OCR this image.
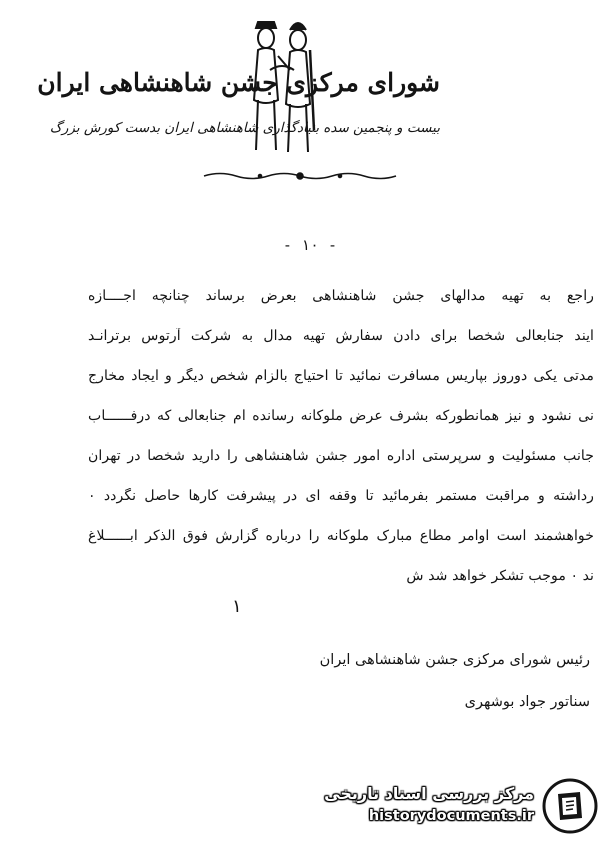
شورای مرکزی جشن شاهنشاهی ایران
بیست و پنجمین سده بنیادگذاری شاهنشاهی ایران بدست کورش بزرگ
- ۱۰ -
راجع به تهیه مدالهای جشن شاهنشاهی بعرض برساند چنانچه اجــــازه
ایند جنابعالی شخصا برای دادن سفارش تهیه مدال به شرکت آرتوس برترانـد
مدتی یکی دوروز بپاریس مسافرت نمائید تا احتیاج بالزام شخص دیگر و ایجاد مخارج
نی نشود و نیز همانطورکه بشرف عرض ملوکانه رسانده ام جنابعالی که درفــــــاب
جانب مسئولیت و سرپرستی اداره امور جشن شاهنشاهی را دارید شخصا در تهران
رداشته و مراقبت مستمر بفرمائید تا وقفه ای در پیشرفت کارها حاصل نگردد ۰
خواهشمند است اوامر مطاع مبارک ملوکانه را درباره گزارش فوق الذکر ابــــــلاغ
ند ۰ موجب تشکر خواهد شد ش
۱
رئیس شورای مرکزی جشن شاهنشاهی ایران
سناتور جواد بوشهری
مرکز بررسی اسناد تاریخی
historydocuments.ir
